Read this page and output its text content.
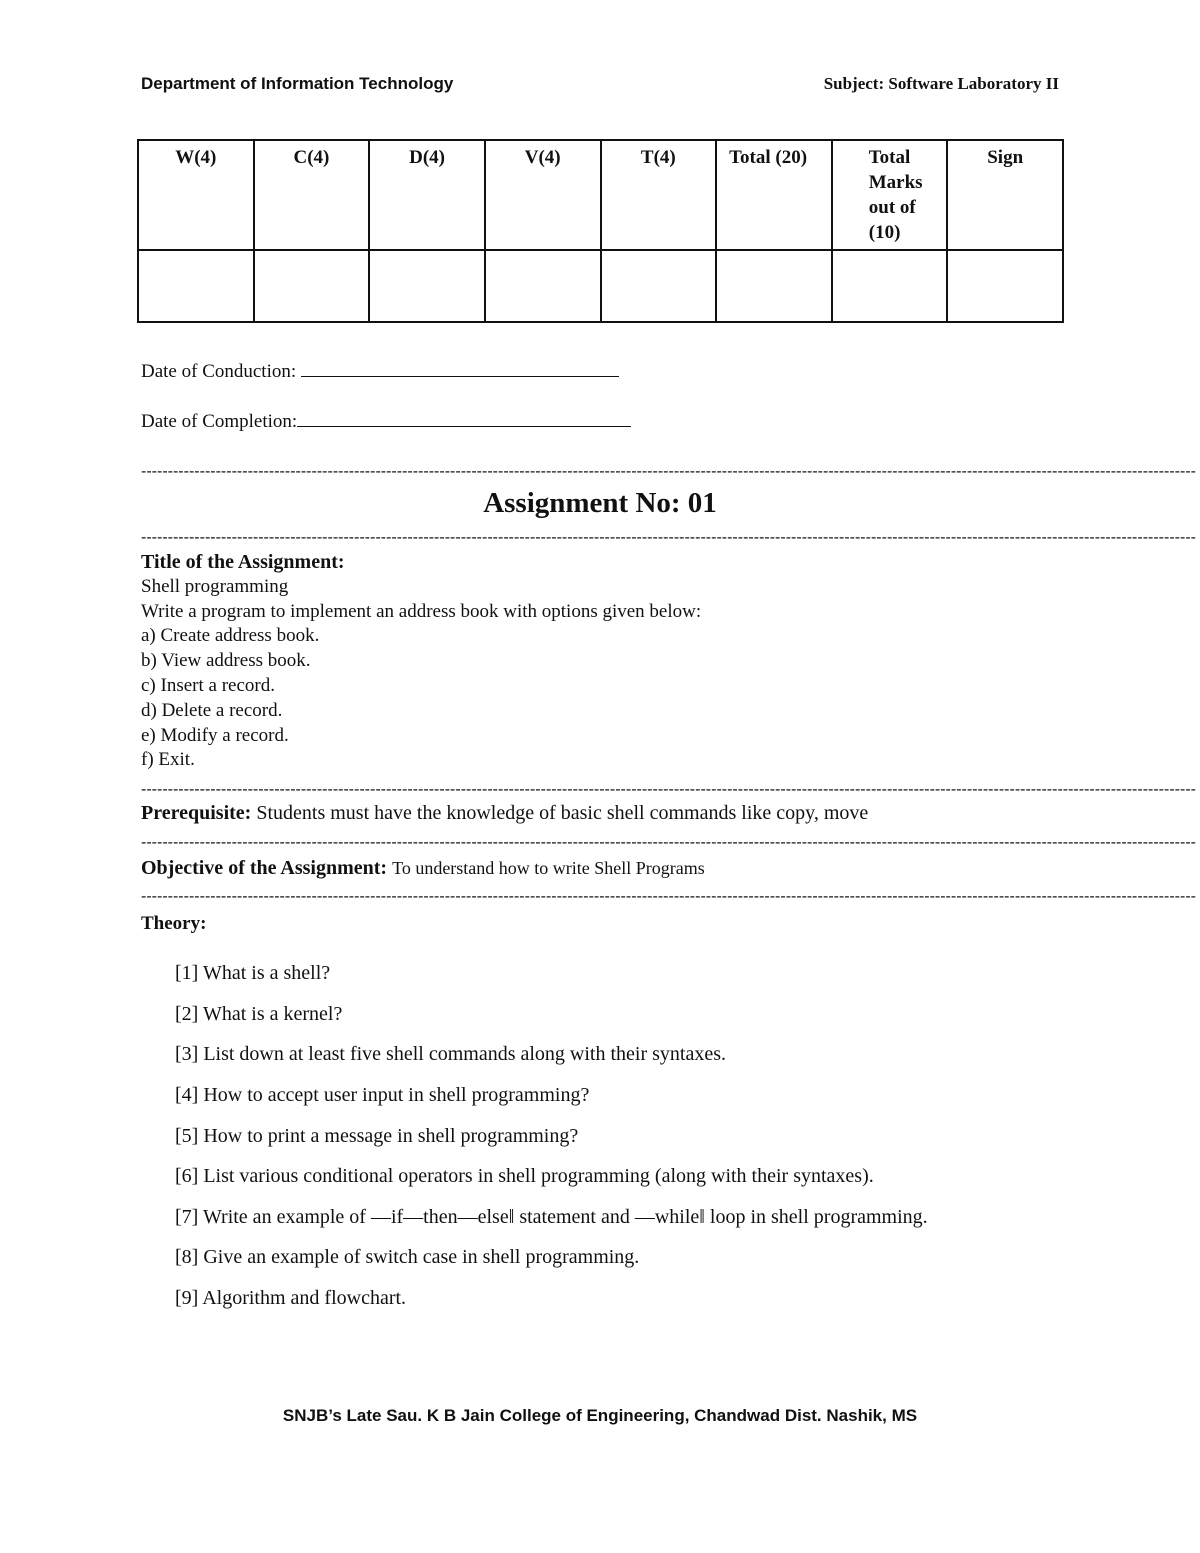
Department of Information Technology	Subject: Software Laboratory II
W(4)	C(4)	D(4)	V(4)	T(4)	Total (20)	Total Marks out of (10)	Sign

Date of Conduction:
Date of Completion:
------------------------------------------------------------------------------------------------------------------------------------------------------------------------------------------------------
Assignment No: 01
------------------------------------------------------------------------------------------------------------------------------------------------------------------------------------------------------
Title of the Assignment:
Shell programming
Write a program to implement an address book with options given below:
a) Create address book.
b) View address book.
c) Insert a record.
d) Delete a record.
e) Modify a record.
f) Exit.
------------------------------------------------------------------------------------------------------------------------------------------------------------------------------------------------------
Prerequisite: Students must have the knowledge of basic shell commands like copy, move
------------------------------------------------------------------------------------------------------------------------------------------------------------------------------------------------------
Objective of the Assignment: To understand how to write Shell Programs
------------------------------------------------------------------------------------------------------------------------------------------------------------------------------------------------------
Theory:
[1] What is a shell?
[2] What is a kernel?
[3] List down at least five shell commands along with their syntaxes.
[4] How to accept user input in shell programming?
[5] How to print a message in shell programming?
[6] List various conditional operators in shell programming (along with their syntaxes).
[7] Write an example of ―if—then—else‖ statement and ―while‖ loop in shell programming.
[8] Give an example of switch case in shell programming.
[9] Algorithm and flowchart.
SNJB’s Late Sau. K B Jain College of Engineering, Chandwad Dist. Nashik, MS
